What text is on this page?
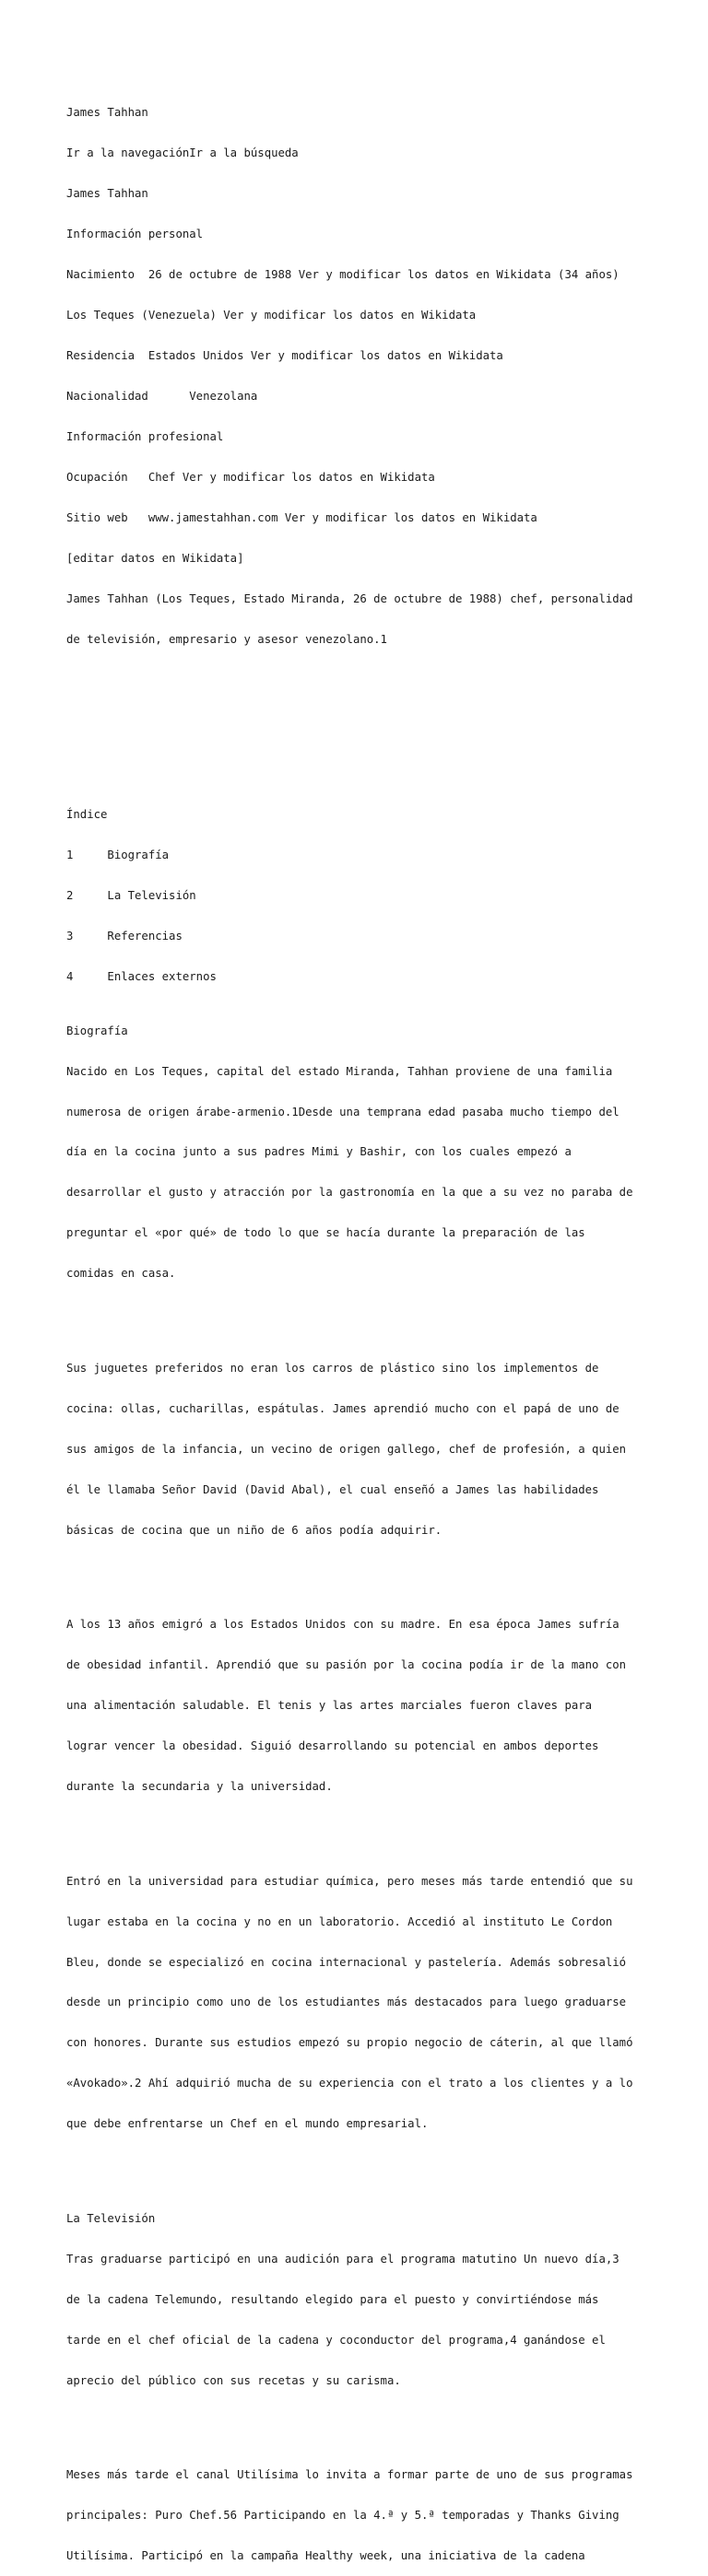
James Tahhan

Ir a la navegaciónIr a la búsqueda

James Tahhan

Información personal

Nacimiento  26 de octubre de 1988 Ver y modificar los datos en Wikidata (34 años)

Los Teques (Venezuela) Ver y modificar los datos en Wikidata

Residencia  Estados Unidos Ver y modificar los datos en Wikidata

Nacionalidad      Venezolana

Información profesional

Ocupación   Chef Ver y modificar los datos en Wikidata

Sitio web   www.jamestahhan.com Ver y modificar los datos en Wikidata

[editar datos en Wikidata]

James Tahhan (Los Teques, Estado Miranda, 26 de octubre de 1988) chef, personalidad

de televisión, empresario y asesor venezolano.1

Índice

1     Biografía

2     La Televisión

3     Referencias

4     Enlaces externos

Biografía

Nacido en Los Teques, capital del estado Miranda, Tahhan proviene de una familia

numerosa de origen árabe-armenio.1Desde una temprana edad pasaba mucho tiempo del

día en la cocina junto a sus padres Mimi y Bashir, con los cuales empezó a

desarrollar el gusto y atracción por la gastronomía en la que a su vez no paraba de

preguntar el «por qué» de todo lo que se hacía durante la preparación de las

comidas en casa.

Sus juguetes preferidos no eran los carros de plástico sino los implementos de

cocina: ollas, cucharillas, espátulas. James aprendió mucho con el papá de uno de

sus amigos de la infancia, un vecino de origen gallego, chef de profesión, a quien

él le llamaba Señor David (David Abal), el cual enseñó a James las habilidades

básicas de cocina que un niño de 6 años podía adquirir.

A los 13 años emigró a los Estados Unidos con su madre. En esa época James sufría

de obesidad infantil. Aprendió que su pasión por la cocina podía ir de la mano con

una alimentación saludable. El tenis y las artes marciales fueron claves para

lograr vencer la obesidad. Siguió desarrollando su potencial en ambos deportes

durante la secundaria y la universidad.

Entró en la universidad para estudiar química, pero meses más tarde entendió que su

lugar estaba en la cocina y no en un laboratorio. Accedió al instituto Le Cordon

Bleu, donde se especializó en cocina internacional y pastelería. Además sobresalió

desde un principio como uno de los estudiantes más destacados para luego graduarse

con honores. Durante sus estudios empezó su propio negocio de cáterin, al que llamó

«Avokado».2 Ahí adquirió mucha de su experiencia con el trato a los clientes y a lo

que debe enfrentarse un Chef en el mundo empresarial.

La Televisión

Tras graduarse participó en una audición para el programa matutino Un nuevo día,3

de la cadena Telemundo, resultando elegido para el puesto y convirtiéndose más

tarde en el chef oficial de la cadena y coconductor del programa,4 ganándose el

aprecio del público con sus recetas y su carisma.

Meses más tarde el canal Utilísima lo invita a formar parte de uno de sus programas

principales: Puro Chef.56 Participando en la 4.ª y 5.ª temporadas y Thanks Giving

Utilísima. Participó en la campaña Healthy week, una iniciativa de la cadena
